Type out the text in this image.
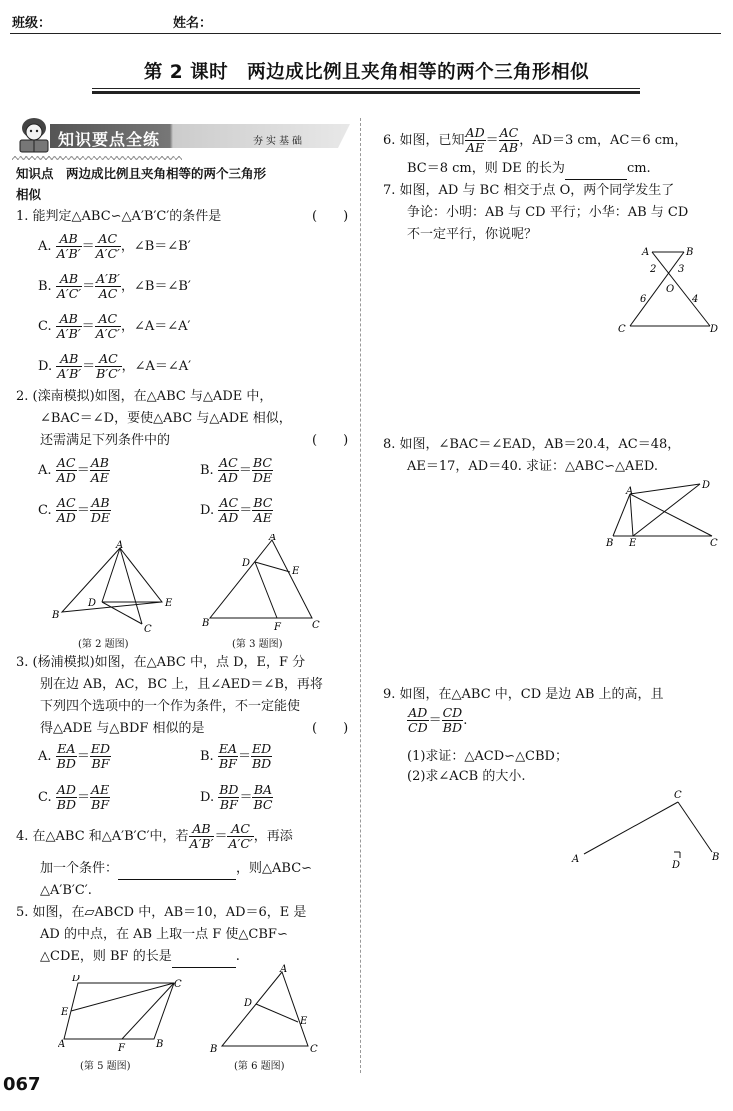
班级：	姓名：
第 2 课时　两边成比例且夹角相等的两个三角形相似
知识要点全练	夯实基础
知识点　两边成比例且夹角相等的两个三角形
相似
1. 能判定△ABC∽△A′B′C′的条件是	(　　)
A. $\frac{AB}{A'B'} = \frac{AC}{A'C'}$ ，∠B＝∠B′
B. $\frac{AB}{A'C'} = \frac{A'B'}{AC}$ ，∠B＝∠B′
C. $\frac{AB}{A'B'} = \frac{AC}{A'C'}$ ，∠A＝∠A′
D. $\frac{AB}{A'B'} = \frac{AC}{B'C'}$ ，∠A＝∠A′
2. (滦南模拟)如图，在△ABC 与△ADE 中，
∠BAC＝∠D，要使△ABC 与△ADE 相似，
还需满足下列条件中的	(　　)
A. $\frac{AC}{AD} = \frac{AB}{AE}$	B. $\frac{AC}{AD} = \frac{BC}{DE}$
C. $\frac{AC}{AD} = \frac{AB}{DE}$	D. $\frac{AC}{AD} = \frac{BC}{AE}$
A
B
D	E
C
(第 2 题图)
A
D
E
B	F	C
(第 3 题图)
3. (杨浦模拟)如图，在△ABC 中，点 D，E，F 分
别在边 AB，AC，BC 上，且∠AED＝∠B，再将
下列四个选项中的一个作为条件，不一定能使
得△ADE 与△BDF 相似的是	(　　)
A. $\frac{EA}{BD} = \frac{ED}{BF}$	B. $\frac{EA}{BF} = \frac{ED}{BD}$
C. $\frac{AD}{BD} = \frac{AE}{BF}$	D. $\frac{BD}{BF} = \frac{BA}{BC}$
4. 在△ABC 和△A′B′C′中，若 $\frac{AB}{A'B'} = \frac{AC}{A'C'}$ ，再添
加一个条件：	，则△ABC∽
△A′B′C′.
5. 如图，在▱ABCD 中，AB＝10，AD＝6，E 是
AD 的中点，在 AB 上取一点 F 使△CBF∽
△CDE，则 BF 的长是	.
D
C
E
A	F	B
(第 5 题图)
A
D
E
B	C
(第 6 题图)
067
6. 如图，已知 $\frac{AD}{AE} = \frac{AC}{AB}$ ，AD＝3 cm，AC＝6 cm，
BC＝8 cm，则 DE 的长为	cm.
7. 如图，AD 与 BC 相交于点 O，两个同学发生了
争论：小明：AB 与 CD 平行；小华：AB 与 CD
不一定平行，你说呢？
A	B
2 3
O
6	4
C	D
8. 如图，∠BAC＝∠EAD，AB＝20.4，AC＝48，
AE＝17，AD＝40. 求证：△ABC∽△AED.
A
D
B E	C
9. 如图，在△ABC 中，CD 是边 AB 上的高，且
$\frac{AD}{CD} = \frac{CD}{BD}$ .
(1)求证：△ACD∽△CBD；
(2)求∠ACB 的大小.
C
A	B
D
